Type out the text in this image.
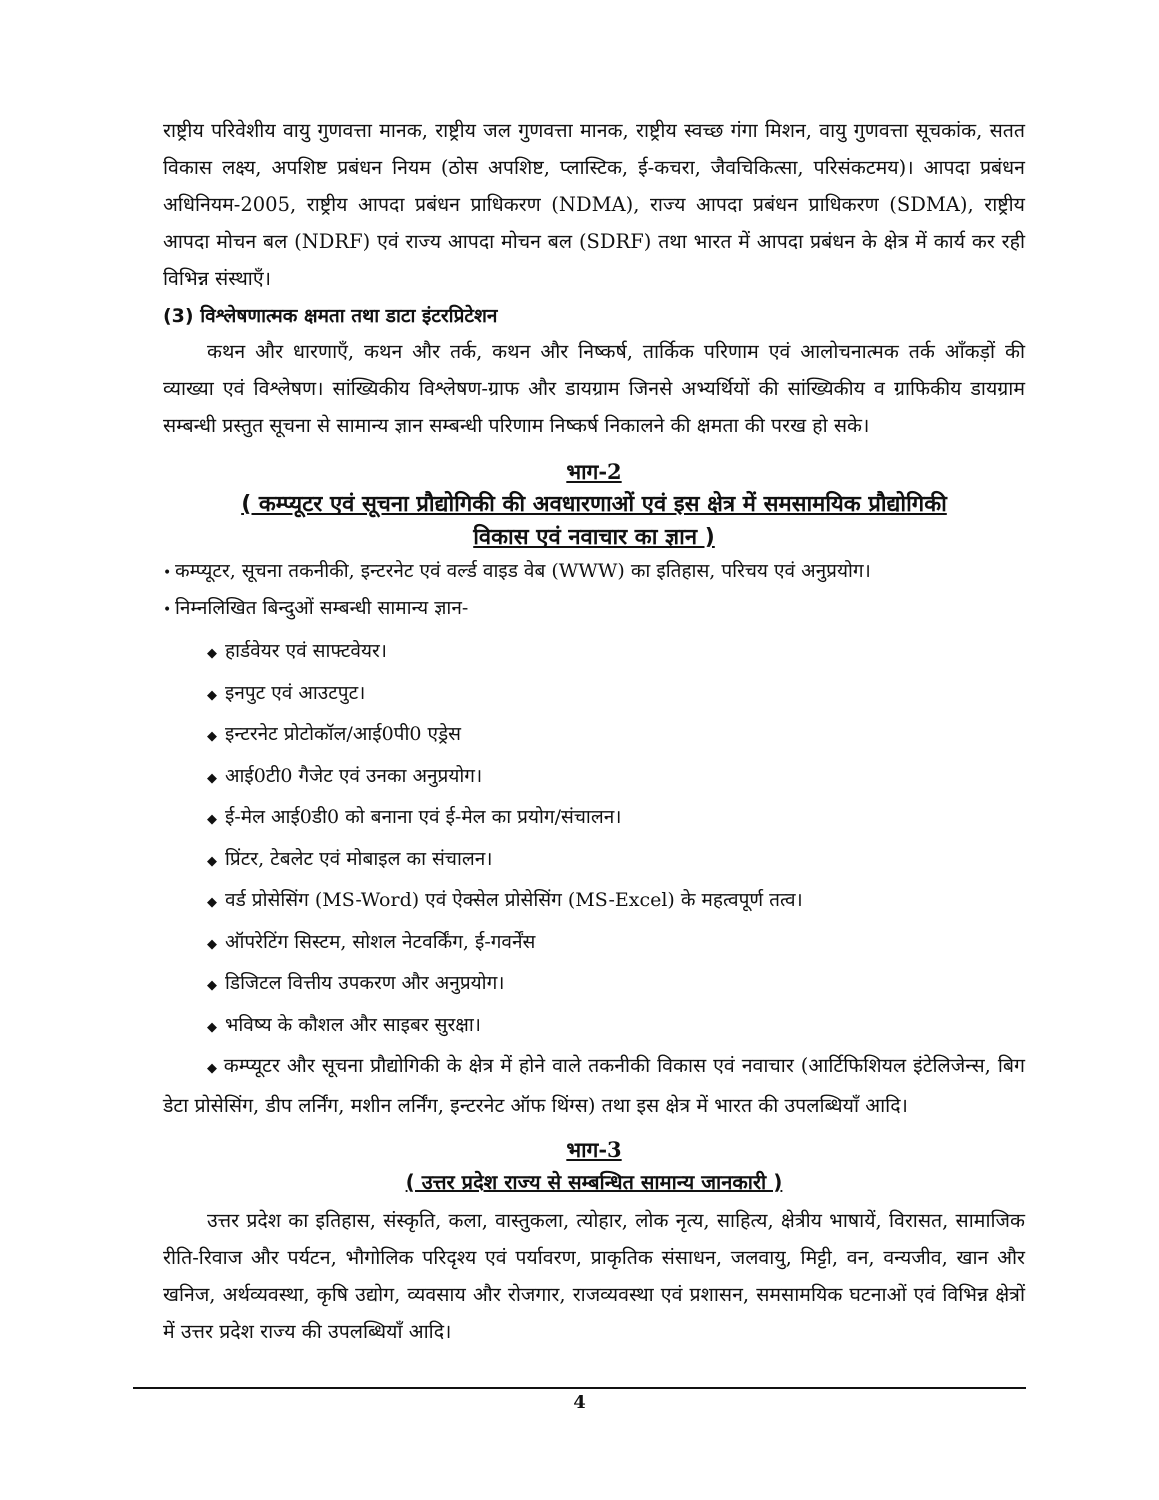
राष्ट्रीय परिवेशीय वायु गुणवत्ता मानक, राष्ट्रीय जल गुणवत्ता मानक, राष्ट्रीय स्वच्छ गंगा मिशन, वायु गुणवत्ता सूचकांक, सतत विकास लक्ष्य, अपशिष्ट प्रबंधन नियम (ठोस अपशिष्ट, प्लास्टिक, ई-कचरा, जैवचिकित्सा, परिसंकटमय)। आपदा प्रबंधन अधिनियम-2005, राष्ट्रीय आपदा प्रबंधन प्राधिकरण (NDMA), राज्य आपदा प्रबंधन प्राधिकरण (SDMA), राष्ट्रीय आपदा मोचन बल (NDRF) एवं राज्य आपदा मोचन बल (SDRF) तथा भारत में आपदा प्रबंधन के क्षेत्र में कार्य कर रही विभिन्न संस्थाएँ।

(3) विश्लेषणात्मक क्षमता तथा डाटा इंटरप्रिटेशन

कथन और धारणाएँ, कथन और तर्क, कथन और निष्कर्ष, तार्किक परिणाम एवं आलोचनात्मक तर्क आँकड़ों की व्याख्या एवं विश्लेषण। सांख्यिकीय विश्लेषण-ग्राफ और डायग्राम जिनसे अभ्यर्थियों की सांख्यिकीय व ग्राफिकीय डायग्राम सम्बन्धी प्रस्तुत सूचना से सामान्य ज्ञान सम्बन्धी परिणाम निष्कर्ष निकालने की क्षमता की परख हो सके।

भाग-2
( कम्प्यूटर एवं सूचना प्रौद्योगिकी की अवधारणाओं एवं इस क्षेत्र में समसामयिक प्रौद्योगिकी
विकास एवं नवाचार का ज्ञान )
• कम्प्यूटर, सूचना तकनीकी, इन्टरनेट एवं वर्ल्ड वाइड वेब (WWW) का इतिहास, परिचय एवं अनुप्रयोग।
• निम्नलिखित बिन्दुओं सम्बन्धी सामान्य ज्ञान-
◆ हार्डवेयर एवं साफ्टवेयर।
◆ इनपुट एवं आउटपुट।
◆ इन्टरनेट प्रोटोकॉल/आई0पी0 एड्रेस
◆ आई0टी0 गैजेट एवं उनका अनुप्रयोग।
◆ ई-मेल आई0डी0 को बनाना एवं ई-मेल का प्रयोग/संचालन।
◆ प्रिंटर, टेबलेट एवं मोबाइल का संचालन।
◆ वर्ड प्रोसेसिंग (MS-Word) एवं ऐक्सेल प्रोसेसिंग (MS-Excel) के महत्वपूर्ण तत्व।
◆ ऑपरेटिंग सिस्टम, सोशल नेटवर्किंग, ई-गवर्नेंस
◆ डिजिटल वित्तीय उपकरण और अनुप्रयोग।
◆ भविष्य के कौशल और साइबर सुरक्षा।

◆ कम्प्यूटर और सूचना प्रौद्योगिकी के क्षेत्र में होने वाले तकनीकी विकास एवं नवाचार (आर्टिफिशियल इंटेलिजेन्स, बिग डेटा प्रोसेसिंग, डीप लर्निंग, मशीन लर्निंग, इन्टरनेट ऑफ थिंग्स) तथा इस क्षेत्र में भारत की उपलब्धियाँ आदि।

भाग-3
( उत्तर प्रदेश राज्य से सम्बन्धित सामान्य जानकारी )

उत्तर प्रदेश का इतिहास, संस्कृति, कला, वास्तुकला, त्योहार, लोक नृत्य, साहित्य, क्षेत्रीय भाषायें, विरासत, सामाजिक रीति-रिवाज और पर्यटन, भौगोलिक परिदृश्य एवं पर्यावरण, प्राकृतिक संसाधन, जलवायु, मिट्टी, वन, वन्यजीव, खान और खनिज, अर्थव्यवस्था, कृषि उद्योग, व्यवसाय और रोजगार, राजव्यवस्था एवं प्रशासन, समसामयिक घटनाओं एवं विभिन्न क्षेत्रों में उत्तर प्रदेश राज्य की उपलब्धियाँ आदि।

4
